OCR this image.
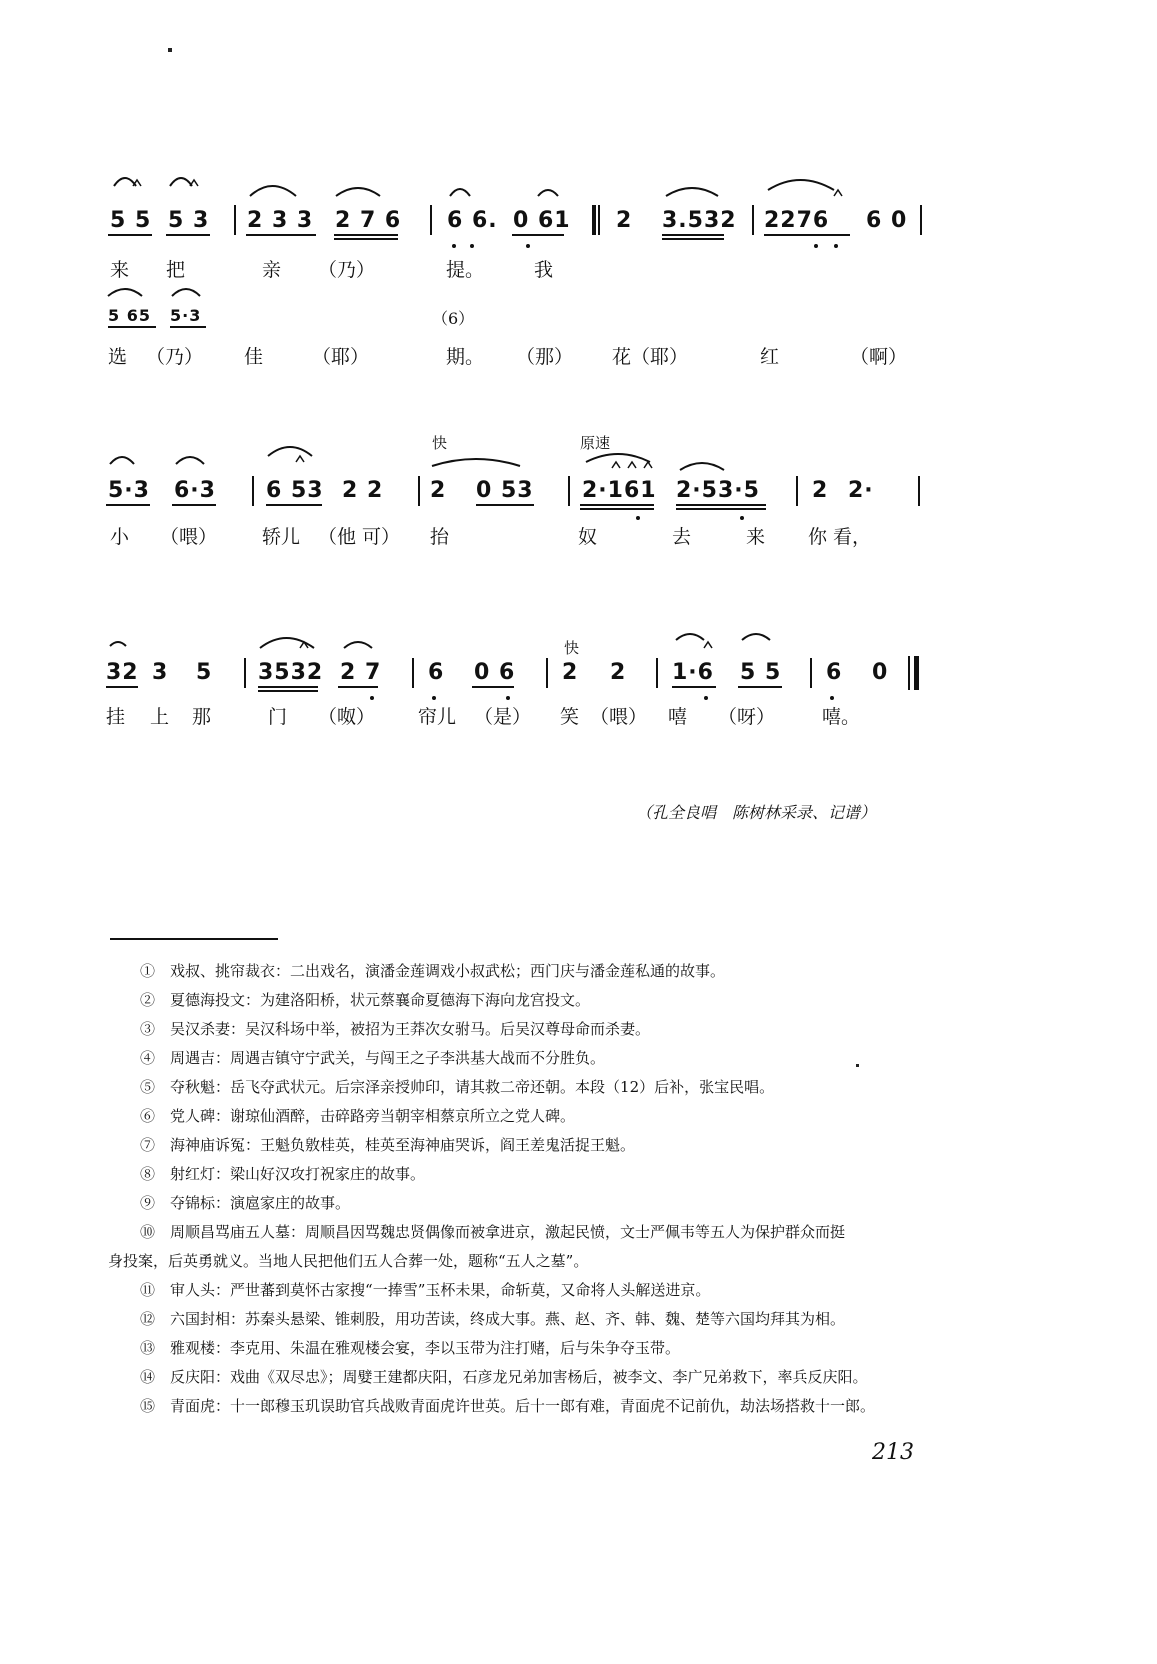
5 5 5 3 2 3 3 2 7 6 6 6. 0 61 2 3.532 2276 6 0
来 把	亲 （乃）	提。	我
5 65 5·3	（6）
选 （乃） 佳	（耶）	期。 （那） 花（耶）	红	（啊）
快	原速
5·3 6·3 6 53 2 2 2 0 53 2·161 2·53·5 2 2·
小 （喂） 轿儿 （他 可） 抬	奴	去	来 你 看，
快
32 3 5 3532 2 7 6 0 6 2 2 1·6 5 5 6 0
挂 上 那	门 （呶） 帘儿 （是） 笑 （喂） 嘻 （呀） 嘻。
（孔全良唱　陈树林采录、记谱）
①　 戏叔、挑帘裁衣：二出戏名，演潘金莲调戏小叔武松；西门庆与潘金莲私通的故事。
②　 夏德海投文：为建洛阳桥，状元蔡襄命夏德海下海向龙宫投文。
③　 吴汉杀妻：吴汉科场中举，被招为王莽次女驸马。后吴汉尊母命而杀妻。
④　 周遇吉：周遇吉镇守宁武关，与闯王之子李洪基大战而不分胜负。
⑤　 夺秋魁：岳飞夺武状元。后宗泽亲授帅印，请其救二帝还朝。本段（12）后补，张宝民唱。
⑥　 党人碑：谢琼仙酒醉，击碎路旁当朝宰相蔡京所立之党人碑。
⑦　 海神庙诉冤：王魁负敫桂英，桂英至海神庙哭诉，阎王差鬼活捉王魁。
⑧　 射红灯：梁山好汉攻打祝家庄的故事。
⑨　 夺锦标：演扈家庄的故事。
⑩　 周顺昌骂庙五人墓：周顺昌因骂魏忠贤偶像而被拿进京，激起民愤，文士严佩韦等五人为保护群众而挺
身投案，后英勇就义。当地人民把他们五人合葬一处，题称“五人之墓”。
⑪　 审人头：严世蕃到莫怀古家搜“一捧雪”玉杯未果，命斩莫，又命将人头解送进京。
⑫　 六国封相：苏秦头悬梁、锥刺股，用功苦读，终成大事。燕、赵、齐、韩、魏、楚等六国均拜其为相。
⑬　 雅观楼：李克用、朱温在雅观楼会宴，李以玉带为注打赌，后与朱争夺玉带。
⑭　 反庆阳：戏曲《双尽忠》；周嬖王建都庆阳，石彦龙兄弟加害杨后，被李文、李广兄弟救下，率兵反庆阳。
⑮　 青面虎：十一郎穆玉玑误助官兵战败青面虎许世英。后十一郎有难，青面虎不记前仇，劫法场搭救十一郎。
213
